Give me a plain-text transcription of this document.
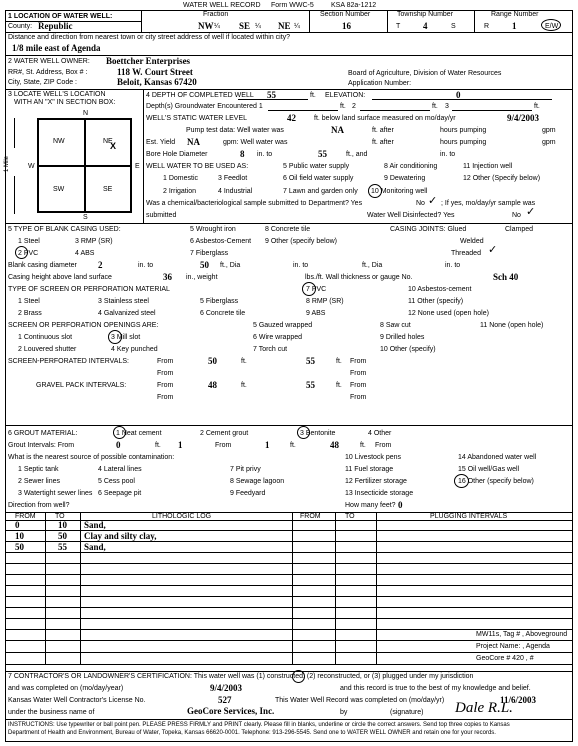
WATER WELL RECORD Form WWC-5 KSA 82a-1212
1 LOCATION OF WATER WELL:	Fraction	Section Number	Township Number	Range Number
County: Republic	NW ¼ SE ¼ NE ¼	16	T	4	S	R	1	E/W
Distance and direction from nearest town or city street address of well if located within city?
1/8 mile east of Agenda
2 WATER WELL OWNER: Boettcher Enterprises
RR#, St. Address, Box # :	118 W. Court Street
City, State, ZIP Code :	Beloit, Kansas 67420
Board of Agriculture, Division of Water Resources
Application Number:
3 LOCATE WELL'S LOCATION
WITH AN "X" IN SECTION BOX:
N
S
W	E
1 Mile
NW	NE
X
SW	SE
4 DEPTH OF COMPLETED WELL 55	ft. ELEVATION:	0
Depth(s) Groundwater Encountered 1	ft. 2	ft. 3	ft.
WELL'S STATIC WATER LEVEL	42	ft. below land surface measured on mo/day/yr	9/4/2003
Pump test data: Well water was	NA	ft. after	hours pumping	gpm
Est. Yield NA	gpm: Well water was	ft. after	hours pumping	gpm
Bore Hole Diameter	8 in. to	55	ft., and	in. to
WELL WATER TO BE USED AS:	5 Public water supply	8 Air conditioning	11 Injection well
1 Domestic	3 Feedlot	6 Oil field water supply	9 Dewatering	12 Other (Specify below)
2 Irrigation	4 Industrial	7 Lawn and garden only 10 Monitoring well
Was a chemical/bacteriological sample submitted to Department? Yes	No ✓ ; If yes, mo/day/yr sample was
submitted	Water Well Disinfected? Yes	No ✓
5 TYPE OF BLANK CASING USED:	5 Wrought iron	8 Concrete tile	CASING JOINTS: Glued	Clamped
1 Steel	3 RMP (SR)	6 Asbestos-Cement 9 Other (specify below)	Welded
2 PVC	4 ABS	7 Fiberglass	Threaded ✓
Blank casing diameter 2	in. to	50 ft., Dia	in. to	ft., Dia	in. to
Casing height above land surface	36 in., weight	lbs./ft. Wall thickness or gauge No.	Sch 40
TYPE OF SCREEN OR PERFORATION MATERIAL	7 PVC	10 Asbestos-cement
1 Steel	3 Stainless steel	5 Fiberglass	8 RMP (SR)	11 Other (specify)
2 Brass	4 Galvanized steel	6 Concrete tile	9 ABS	12 None used (open hole)
SCREEN OR PERFORATION OPENINGS ARE:	5 Gauzed wrapped	8 Saw cut	11 None (open hole)
1 Continuous slot	3 Mill slot	6 Wire wrapped	9 Drilled holes
2 Louvered shutter	4 Key punched	7 Torch cut	10 Other (specify)
SCREEN-PERFORATED INTERVALS:	From	50	ft.	55	ft. From
From	From
GRAVEL PACK INTERVALS:	From	48	ft.	55	ft. From
From	From
6 GROUT MATERIAL:	1 Neat cement	2 Cement grout	3 Bentonite	4 Other
Grout Intervals: From	0	ft. 1	From	1	ft.	48	ft. From
What is the nearest source of possible contamination:	10 Livestock pens	14 Abandoned water well
1 Septic tank	4 Lateral lines	7 Pit privy	11 Fuel storage	15 Oil well/Gas well
2 Sewer lines	5 Cess pool	8 Sewage lagoon	12 Fertilizer storage	16 Other (specify below)
3 Watertight sewer lines 6 Seepage pit	9 Feedyard	13 Insecticide storage
Direction from well?	How many feet? 0
FROM	TO	LITHOLOGIC LOG	FROM	TO	PLUGGING INTERVALS
0	10 Sand,
10	50 Clay and silty clay,
50	55 Sand,
MW11s, Tag # , Aboveground
Project Name: , Agenda
GeoCore # 420 , #
7 CONTRACTOR'S OR LANDOWNER'S CERTIFICATION: This water well was (1) constructed, (2) reconstructed, or (3) plugged under my jurisdiction
and was completed on (mo/day/year)	9/4/2003	and this record is true to the best of my knowledge and belief.
Kansas Water Well Contractor's License No.	527	This Water Well Record was completed on (mo/day/yr)	11/6/2003
under the business name of	GeoCore Services, Inc.	by	(signature) Dale R.L.
INSTRUCTIONS: Use typewriter or ball point pen. PLEASE PRESS FIRMLY and PRINT clearly. Please fill in blanks, underline or circle the correct answers. Send top three copies to Kansas
Department of Health and Environment, Bureau of Water, Topeka, Kansas 66620-0001. Telephone: 913-296-5545. Send one to WATER WELL OWNER and retain one for your records.
